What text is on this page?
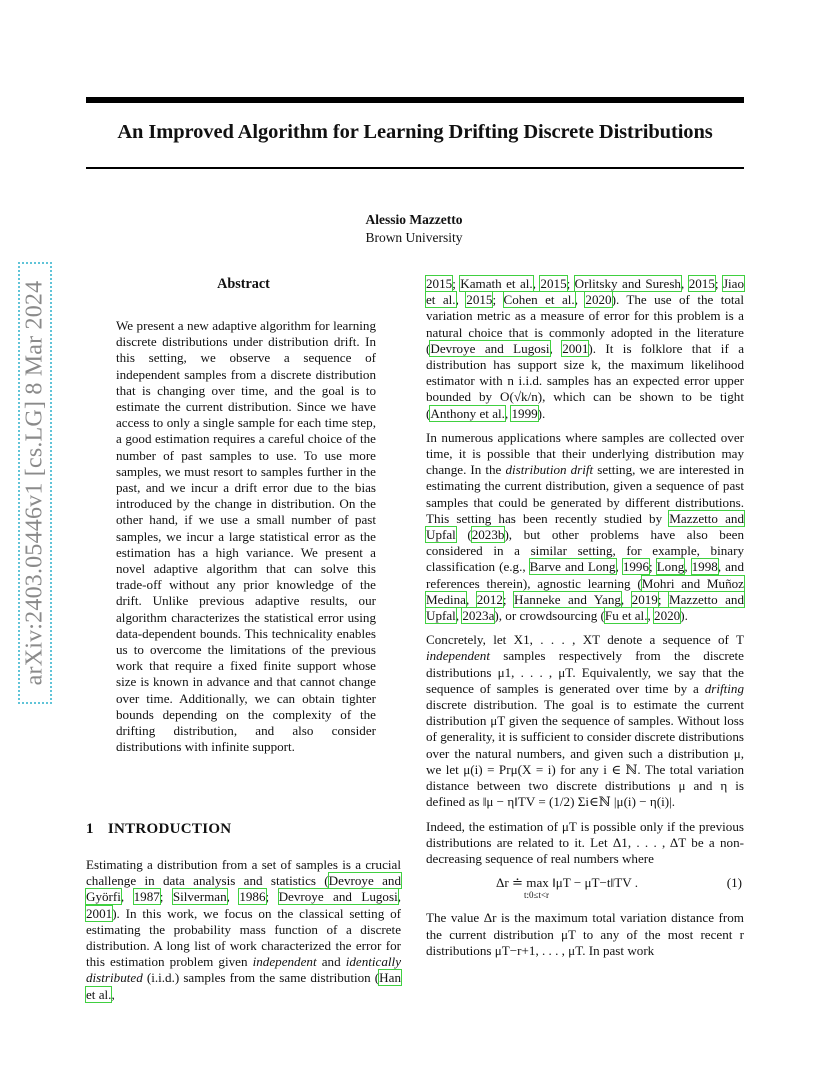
An Improved Algorithm for Learning Drifting Discrete Distributions
Alessio Mazzetto
Brown University
arXiv:2403.05446v1 [cs.LG] 8 Mar 2024	Abstract
We present a new adaptive algorithm for learning discrete distributions under distribution drift. In this setting, we observe a sequence of independent samples from a discrete distribution that is changing over time, and the goal is to estimate the current distribution. Since we have access to only a single sample for each time step, a good estimation requires a careful choice of the number of past samples to use. To use more samples, we must resort to samples further in the past, and we incur a drift error due to the bias introduced by the change in distribution. On the other hand, if we use a small number of past samples, we incur a large statistical error as the estimation has a high variance. We present a novel adaptive algorithm that can solve this trade-off without any prior knowledge of the drift. Unlike previous adaptive results, our algorithm characterizes the statistical error using data-dependent bounds. This technicality enables us to overcome the limitations of the previous work that require a fixed finite support whose size is known in advance and that cannot change over time. Additionally, we can obtain tighter bounds depending on the complexity of the drifting distribution, and also consider distributions with infinite support.
1 INTRODUCTION
Estimating a distribution from a set of samples is a crucial challenge in data analysis and statistics (Devroye and Györfi, 1987; Silverman, 1986; Devroye and Lugosi, 2001). In this work, we focus on the classical setting of estimating the probability mass function of a discrete distribution. A long list of work characterized the error for this estimation problem given independent and identically distributed (i.i.d.) samples from the same distribution (Han et al.,

2015; Kamath et al., 2015; Orlitsky and Suresh, 2015; Jiao et al., 2015; Cohen et al., 2020). The use of the total variation metric as a measure of error for this problem is a natural choice that is commonly adopted in the literature (Devroye and Lugosi, 2001). It is folklore that if a distribution has support size k, the maximum likelihood estimator with n i.i.d. samples has an expected error upper bounded by O(√k/n), which can be shown to be tight (Anthony et al., 1999).

In numerous applications where samples are collected over time, it is possible that their underlying distribution may change. In the distribution drift setting, we are interested in estimating the current distribution, given a sequence of past samples that could be generated by different distributions. This setting has been recently studied by Mazzetto and Upfal (2023b), but other problems have also been considered in a similar setting, for example, binary classification (e.g., Barve and Long, 1996; Long, 1998, and references therein), agnostic learning (Mohri and Muñoz Medina, 2012; Hanneke and Yang, 2019; Mazzetto and Upfal, 2023a), or crowdsourcing (Fu et al., 2020).

Concretely, let X1, . . . , XT denote a sequence of T independent samples respectively from the discrete distributions μ1, . . . , μT. Equivalently, we say that the sequence of samples is generated over time by a drifting discrete distribution. The goal is to estimate the current distribution μT given the sequence of samples. Without loss of generality, it is sufficient to consider discrete distributions over the natural numbers, and given such a distribution μ, we let μ(i) = Prμ(X = i) for any i ∈ ℕ. The total variation distance between two discrete distributions μ and η is defined as ‖μ − η‖TV = (1/2) Σi∈ℕ |μ(i) − η(i)|.

Indeed, the estimation of μT is possible only if the previous distributions are related to it. Let Δ1, . . . , ΔT be a non-decreasing sequence of real numbers where

Δr ≐ max ‖μT − μT−t‖TV .
t:0≤t<r
(1)

The value Δr is the maximum total variation distance from the current distribution μT to any of the most recent r distributions μT−r+1, . . . , μT. In past work
